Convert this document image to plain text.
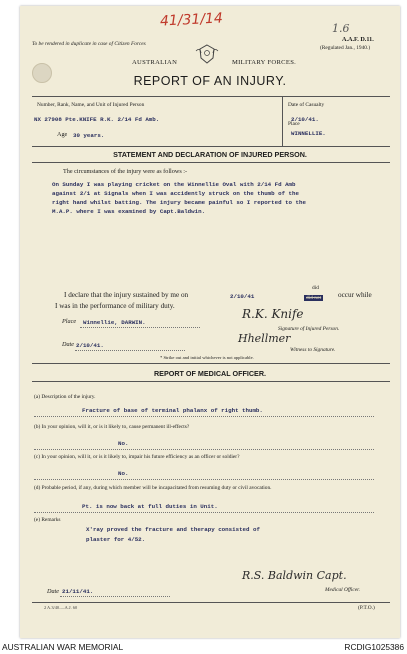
41/31/14	1.6
To be rendered in duplicate in case of Citizen Forces
A.A.F. D.11.
(Regulated Jan., 1940.)
AUSTRALIAN	MILITARY FORCES.
REPORT OF AN INJURY.
Number, Rank, Name, and Unit of Injured Person	Date of Casualty
NX 27908 Pte.KNIFE R.K. 2/14 Fd Amb.	2/10/41.
Place
WINNELLIE.
Age 30 years.
STATEMENT AND DECLARATION OF INJURED PERSON.
The circumstances of the injury were as follows :-
On Sunday I was playing cricket on the Winnellie Oval with 2/14 Fd Amb
against 2/1 at Signals when I was accidently struck on the thumb of the
right hand whilst batting. The injury became painful so I reported to the
M.A.P. where I was examined by Capt.Baldwin.
I declare that the injury sustained by me on	2/10/41
did
did not occur while
I was in the performance of military duty.
Place Winnellie, DARWIN.
R.K. Knife
Signature of Injured Person.
Date 2/10/41.
Hhellmer
Witness to Signature.
* Strike out and initial whichever is not applicable.
REPORT OF MEDICAL OFFICER.
(a) Description of the injury.
Fracture of base of terminal phalanx of right thumb.
(b) In your opinion, will it, or is it likely to, cause permanent ill-effects?
No.
(c) In your opinion, will it, or is it likely to, impair his future efficiency as an officer or soldier?
No.
(d) Probable period, if any, during which member will be incapacitated from resuming duty or civil avocation.
Pt. is now back at full duties in Unit.
(e) Remarks
X'ray proved the fracture and therapy consisted of
plaster for 4/52.
R.S. Baldwin Capt.
Medical Officer.
Date 21/11/41.
2 A.3/40.—A.J. 60	(P.T.O.)
AUSTRALIAN WAR MEMORIAL	RCDIG1025386
